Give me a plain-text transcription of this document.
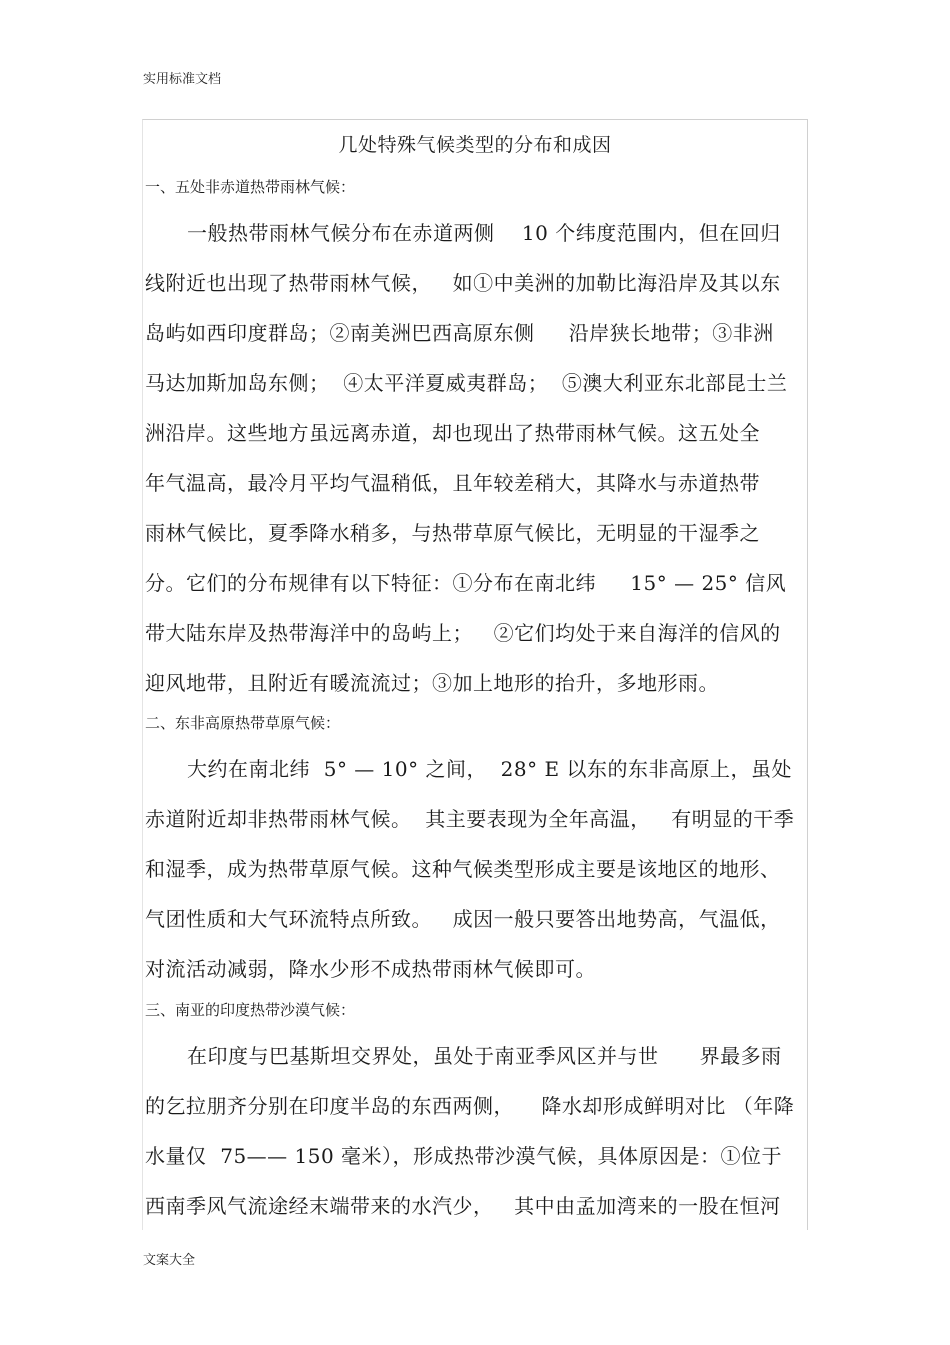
实用标准文档
几处特殊气候类型的分布和成因
一、五处非赤道热带雨林气候：
一般热带雨林气候分布在赤道两侧    10 个纬度范围内，但在回归
线附近也出现了热带雨林气候，   如①中美洲的加勒比海沿岸及其以东
岛屿如西印度群岛；②南美洲巴西高原东侧     沿岸狭长地带；③非洲
马达加斯加岛东侧；  ④太平洋夏威夷群岛；  ⑤澳大利亚东北部昆士兰
洲沿岸。这些地方虽远离赤道，却也现出了热带雨林气候。这五处全
年气温高，最冷月平均气温稍低，且年较差稍大，其降水与赤道热带
雨林气候比，夏季降水稍多，与热带草原气候比，无明显的干湿季之
分。它们的分布规律有以下特征：①分布在南北纬     15° — 25° 信风
带大陆东岸及热带海洋中的岛屿上；   ②它们均处于来自海洋的信风的
迎风地带，且附近有暖流流过；③加上地形的抬升，多地形雨。
二、东非高原热带草原气候：
大约在南北纬  5° — 10° 之间，  28° E 以东的东非高原上，虽处
赤道附近却非热带雨林气候。  其主要表现为全年高温，   有明显的干季
和湿季，成为热带草原气候。这种气候类型形成主要是该地区的地形、
气团性质和大气环流特点所致。   成因一般只要答出地势高，气温低，
对流活动减弱，降水少形不成热带雨林气候即可。
三、南亚的印度热带沙漠气候：
在印度与巴基斯坦交界处，虽处于南亚季风区并与世      界最多雨
的乞拉朋齐分别在印度半岛的东西两侧，    降水却形成鲜明对比 （年降
水量仅  75—— 150 毫米），形成热带沙漠气候，具体原因是：①位于
西南季风气流途经末端带来的水汽少，   其中由孟加湾来的一股在恒河
文案大全
